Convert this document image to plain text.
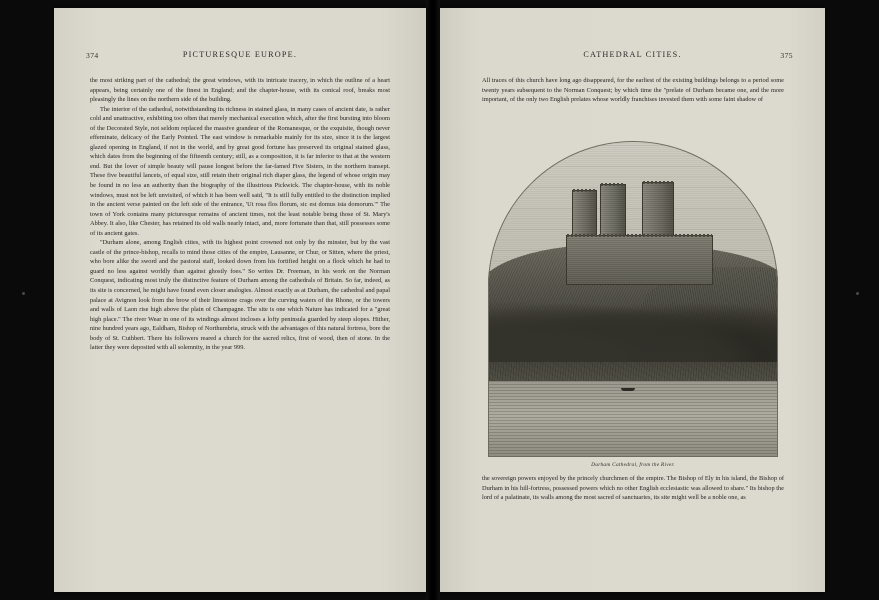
374	PICTURESQUE EUROPE.

the most striking part of the cathedral; the great windows, with its intricate tracery, in which the outline of a heart appears, being certainly one of the finest in England; and the chapter-house, with its conical roof, breaks most pleasingly the lines on the northern side of the building.

The interior of the cathedral, notwithstanding its richness in stained glass, in many cases of ancient date, is rather cold and unattractive, exhibiting too often that merely mechanical execution which, after the first bursting into bloom of the Decorated Style, not seldom replaced the massive grandeur of the Romanesque, or the exquisite, though never effeminate, delicacy of the Early Pointed. The east window is remarkable mainly for its size, since it is the largest glazed opening in England, if not in the world, and by great good fortune has preserved its original stained glass, which dates from the beginning of the fifteenth century; still, as a composition, it is far inferior to that at the western end. But the lover of simple beauty will pause longest before the far-famed Five Sisters, in the northern transept. These five beautiful lancets, of equal size, still retain their original rich diaper glass, the legend of whose origin may be found in no less an authority than the biography of the illustrious Pickwick. The chapter-house, with its noble windows, must not be left unvisited, of which it has been well said, "It is still fully entitled to the distinction implied in the ancient verse painted on the left side of the entrance, 'Ut rosa flos florum, sic est domus ista domorum.'" The town of York contains many picturesque remains of ancient times, not the least notable being those of St. Mary's Abbey. It also, like Chester, has retained its old walls nearly intact, and, more fortunate than that, still possesses some of its ancient gates.

"Durham alone, among English cities, with its highest point crowned not only by the minster, but by the vast castle of the prince-bishop, recalls to mind those cities of the empire, Lausanne, or Chur, or Sitten, where the priest, who bore alike the sword and the pastoral staff, looked down from his fortified height on a flock which he had to guard no less against worldly than against ghostly foes." So writes Dr. Freeman, in his work on the Norman Conquest, indicating most truly the distinctive feature of Durham among the cathedrals of Britain. So far, indeed, as its site is concerned, he might have found even closer analogies. Almost exactly as at Durham, the cathedral and papal palace at Avignon look from the brow of their limestone crags over the curving waters of the Rhone, or the towers and walls of Laon rise high above the plain of Champagne. The site is one which Nature has indicated for a "great high place." The river Wear in one of its windings almost incloses a lofty peninsula guarded by steep slopes. Hither, nine hundred years ago, Ealdham, Bishop of Northumbria, struck with the advantages of this natural fortress, bore the body of St. Cuthbert. There his followers reared a church for the sacred relics, first of wood, then of stone. In the latter they were deposited with all solemnity, in the year 999.

CATHEDRAL CITIES.	375

All traces of this church have long ago disappeared, for the earliest of the existing buildings belongs to a period some twenty years subsequent to the Norman Conquest; by which time the "prelate of Durham became one, and the more important, of the only two English prelates whose worldly franchises invested them with some faint shadow of

Durham Cathedral, from the River.

the sovereign powers enjoyed by the princely churchmen of the empire. The Bishop of Ely in his island, the Bishop of Durham in his hill-fortress, possessed powers which no other English ecclesiastic was allowed to share." Its bishop the lord of a palatinate, its walls among the most sacred of sanctuaries, its site might well be a noble one, as
